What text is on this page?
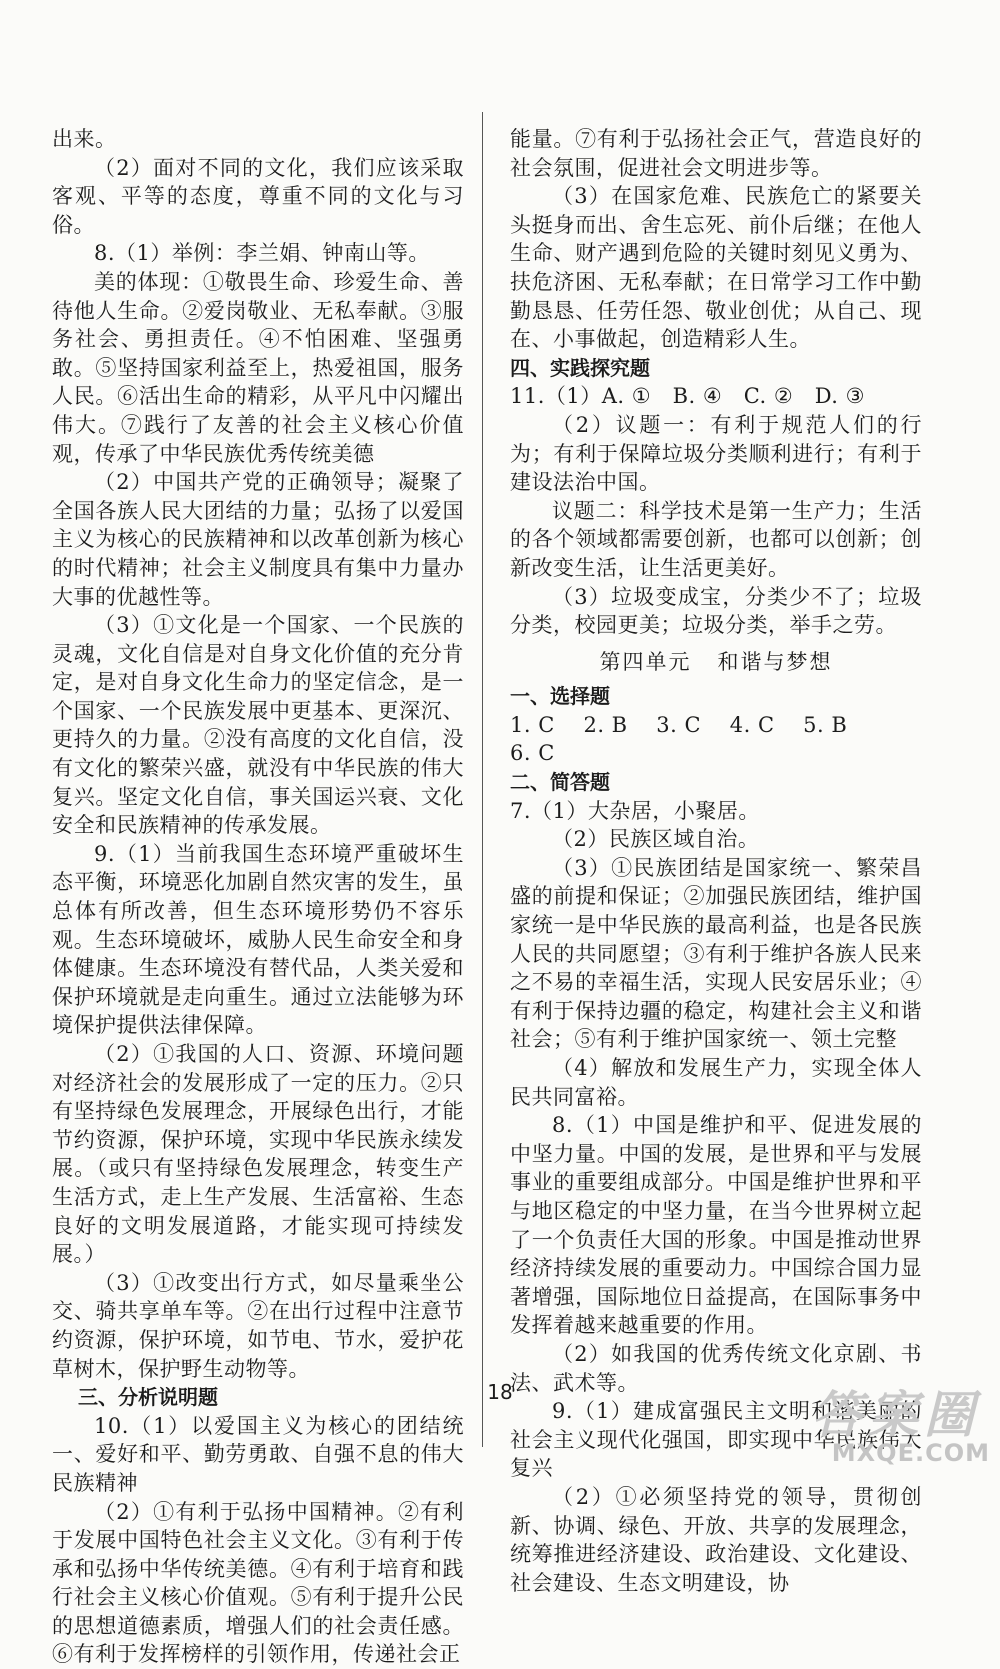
出来。

（2）面对不同的文化，我们应该采取客观、平等的态度，尊重不同的文化与习俗。

8.（1）举例：李兰娟、钟南山等。

美的体现：①敬畏生命、珍爱生命、善待他人生命。②爱岗敬业、无私奉献。③服务社会、勇担责任。④不怕困难、坚强勇敢。⑤坚持国家利益至上，热爱祖国，服务人民。⑥活出生命的精彩，从平凡中闪耀出伟大。⑦践行了友善的社会主义核心价值观，传承了中华民族优秀传统美德

（2）中国共产党的正确领导；凝聚了全国各族人民大团结的力量；弘扬了以爱国主义为核心的民族精神和以改革创新为核心的时代精神；社会主义制度具有集中力量办大事的优越性等。

（3）①文化是一个国家、一个民族的灵魂，文化自信是对自身文化价值的充分肯定，是对自身文化生命力的坚定信念，是一个国家、一个民族发展中更基本、更深沉、更持久的力量。②没有高度的文化自信，没有文化的繁荣兴盛，就没有中华民族的伟大复兴。坚定文化自信，事关国运兴衰、文化安全和民族精神的传承发展。

9.（1）当前我国生态环境严重破坏生态平衡，环境恶化加剧自然灾害的发生，虽总体有所改善，但生态环境形势仍不容乐观。生态环境破坏，威胁人民生命安全和身体健康。生态环境没有替代品，人类关爱和保护环境就是走向重生。通过立法能够为环境保护提供法律保障。

（2）①我国的人口、资源、环境问题对经济社会的发展形成了一定的压力。②只有坚持绿色发展理念，开展绿色出行，才能节约资源，保护环境，实现中华民族永续发展。（或只有坚持绿色发展理念，转变生产生活方式，走上生产发展、生活富裕、生态良好的文明发展道路，才能实现可持续发展。）

（3）①改变出行方式，如尽量乘坐公交、骑共享单车等。②在出行过程中注意节约资源，保护环境，如节电、节水，爱护花草树木，保护野生动物等。

三、分析说明题

10.（1）以爱国主义为核心的团结统一、爱好和平、勤劳勇敢、自强不息的伟大民族精神

（2）①有利于弘扬中国精神。②有利于发展中国特色社会主义文化。③有利于传承和弘扬中华传统美德。④有利于培育和践行社会主义核心价值观。⑤有利于提升公民的思想道德素质，增强人们的社会责任感。⑥有利于发挥榜样的引领作用，传递社会正

能量。⑦有利于弘扬社会正气，营造良好的社会氛围，促进社会文明进步等。

（3）在国家危难、民族危亡的紧要关头挺身而出、舍生忘死、前仆后继；在他人生命、财产遇到危险的关键时刻见义勇为、扶危济困、无私奉献；在日常学习工作中勤勤恳恳、任劳任怨、敬业创优；从自己、现在、小事做起，创造精彩人生。

四、实践探究题

11.（1）A. ①　B. ④　C. ②　D. ③

（2）议题一：有利于规范人们的行为；有利于保障垃圾分类顺利进行；有利于建设法治中国。

议题二：科学技术是第一生产力；生活的各个领域都需要创新，也都可以创新；创新改变生活，让生活更美好。

（3）垃圾变成宝，分类少不了；垃圾分类，校园更美；垃圾分类，举手之劳。

第四单元 和谐与梦想

一、选择题

1. C　 2. B　 3. C　 4. C　 5. B

6. C

二、简答题

7.（1）大杂居，小聚居。

（2）民族区域自治。

（3）①民族团结是国家统一、繁荣昌盛的前提和保证；②加强民族团结，维护国家统一是中华民族的最高利益，也是各民族人民的共同愿望；③有利于维护各族人民来之不易的幸福生活，实现人民安居乐业；④有利于保持边疆的稳定，构建社会主义和谐社会；⑤有利于维护国家统一、领土完整

（4）解放和发展生产力，实现全体人民共同富裕。

8.（1）中国是维护和平、促进发展的中坚力量。中国的发展，是世界和平与发展事业的重要组成部分。中国是维护世界和平与地区稳定的中坚力量，在当今世界树立起了一个负责任大国的形象。中国是推动世界经济持续发展的重要动力。中国综合国力显著增强，国际地位日益提高，在国际事务中发挥着越来越重要的作用。

（2）如我国的优秀传统文化京剧、书法、武术等。

9.（1）建成富强民主文明和谐美丽的社会主义现代化强国，即实现中华民族伟大复兴

（2）①必须坚持党的领导，贯彻创新、协调、绿色、开放、共享的发展理念，统筹推进经济建设、政治建设、文化建设、社会建设、生态文明建设，协

18	答案圈
MXQE.COM
